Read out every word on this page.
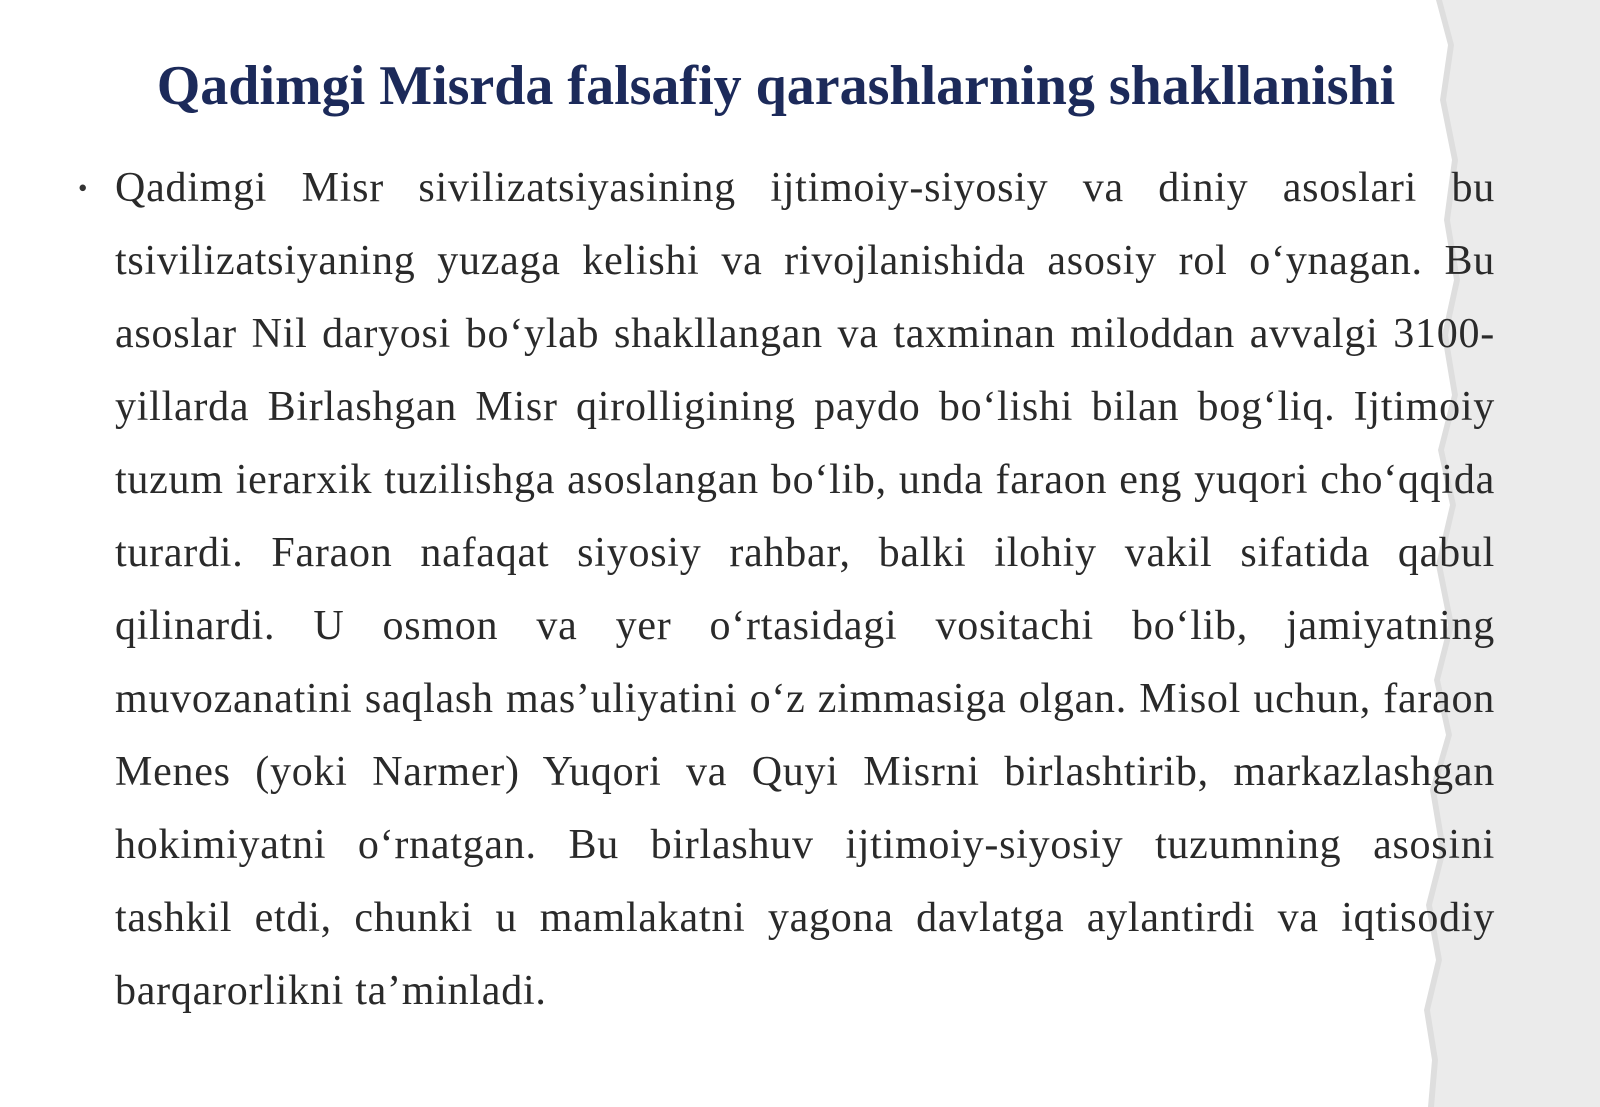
Qadimgi Misrda falsafiy qarashlarning shakllanishi
• Qadimgi Misr sivilizatsiyasining ijtimoiy-siyosiy va diniy asoslari bu tsivilizatsiyaning yuzaga kelishi va rivojlanishida asosiy rol o‘ynagan. Bu asoslar Nil daryosi bo‘ylab shakllangan va taxminan miloddan avvalgi 3100-yillarda Birlashgan Misr qirolligining paydo bo‘lishi bilan bog‘liq. Ijtimoiy tuzum ierarxik tuzilishga asoslangan bo‘lib, unda faraon eng yuqori cho‘qqida turardi. Faraon nafaqat siyosiy rahbar, balki ilohiy vakil sifatida qabul qilinardi. U osmon va yer o‘rtasidagi vositachi bo‘lib, jamiyatning muvozanatini saqlash mas’uliyatini o‘z zimmasiga olgan. Misol uchun, faraon Menes (yoki Narmer) Yuqori va Quyi Misrni birlashtirib, markazlashgan hokimiyatni o‘rnatgan. Bu birlashuv ijtimoiy-siyosiy tuzumning asosini tashkil etdi, chunki u mamlakatni yagona davlatga aylantirdi va iqtisodiy barqarorlikni ta’minladi.
